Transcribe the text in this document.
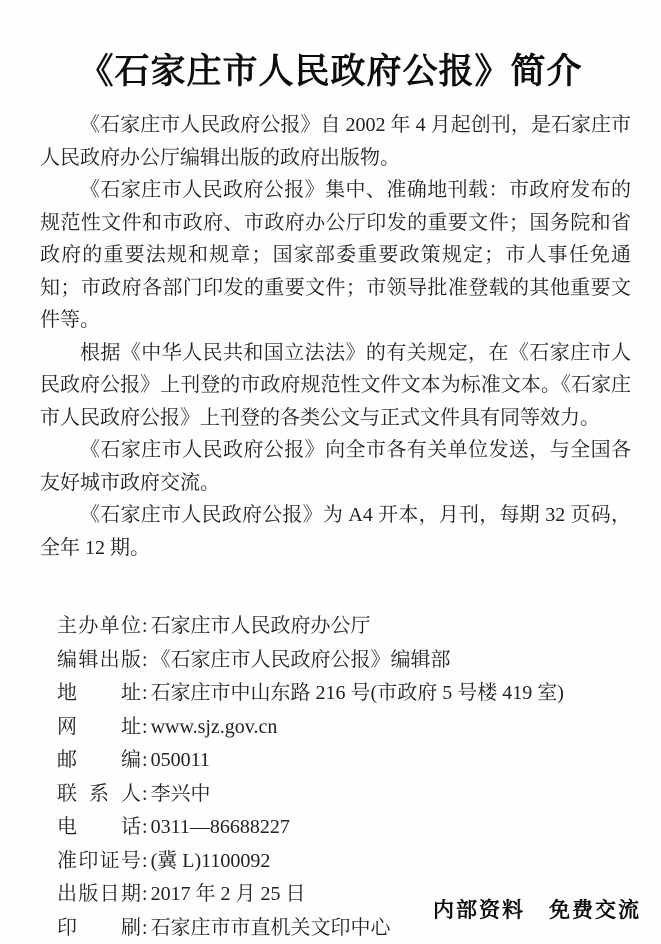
《石家庄市人民政府公报》简介

《石家庄市人民政府公报》自 2002 年 4 月起创刊，是石家庄市人民政府办公厅编辑出版的政府出版物。

《石家庄市人民政府公报》集中、准确地刊载：市政府发布的规范性文件和市政府、市政府办公厅印发的重要文件；国务院和省政府的重要法规和规章；国家部委重要政策规定；市人事任免通知；市政府各部门印发的重要文件；市领导批准登载的其他重要文件等。

根据《中华人民共和国立法法》的有关规定，在《石家庄市人民政府公报》上刊登的市政府规范性文件文本为标准文本。《石家庄市人民政府公报》上刊登的各类公文与正式文件具有同等效力。

《石家庄市人民政府公报》向全市各有关单位发送，与全国各友好城市政府交流。

《石家庄市人民政府公报》为 A4 开本，月刊，每期 32 页码，全年 12 期。

主办单位: 石家庄市人民政府办公厅
编辑出版: 《石家庄市人民政府公报》编辑部
地址: 石家庄市中山东路 216 号(市政府 5 号楼 419 室)
网址: www.sjz.gov.cn
邮编: 050011
联系人: 李兴中
电话: 0311—86688227
准印证号: (冀 L)1100092
出版日期: 2017 年 2 月 25 日
印刷: 石家庄市市直机关文印中心
内部资料 免费交流
